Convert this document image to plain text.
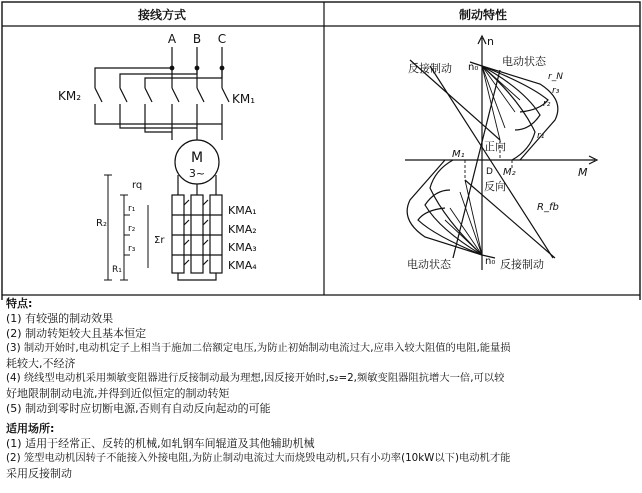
接线方式	制动特性
A B C
KM₂	KM₁
M
3~
KMA₁
KMA₂
KMA₃
KMA₄
rq
R₂
Σr
r₁
r₂
r₃
R₁
n
M
n₀
n₀
反接制动
电动状态
正向
反向
电动状态	反接制动
M₁
M₂
D
r_N
r₃
r₂
r₁
R_fb
特点:
(1) 有较强的制动效果
(2) 制动转矩较大且基本恒定
(3) 制动开始时,电动机定子上相当于施加二倍额定电压,为防止初始制动电流过大,应串入较大阻值的电阻,能量损
耗较大,不经济
(4) 绕线型电动机采用频敏变阻器进行反接制动最为理想,因反接开始时,s₂=2,频敏变阻器阻抗增大一倍,可以较
好地限制制动电流,并得到近似恒定的制动转矩
(5) 制动到零时应切断电源,否则有自动反向起动的可能
适用场所:
(1) 适用于经常正、反转的机械,如轧钢车间辊道及其他辅助机械
(2) 笼型电动机因转子不能接入外接电阻,为防止制动电流过大而烧毁电动机,只有小功率(10kW以下)电动机才能
采用反接制动
